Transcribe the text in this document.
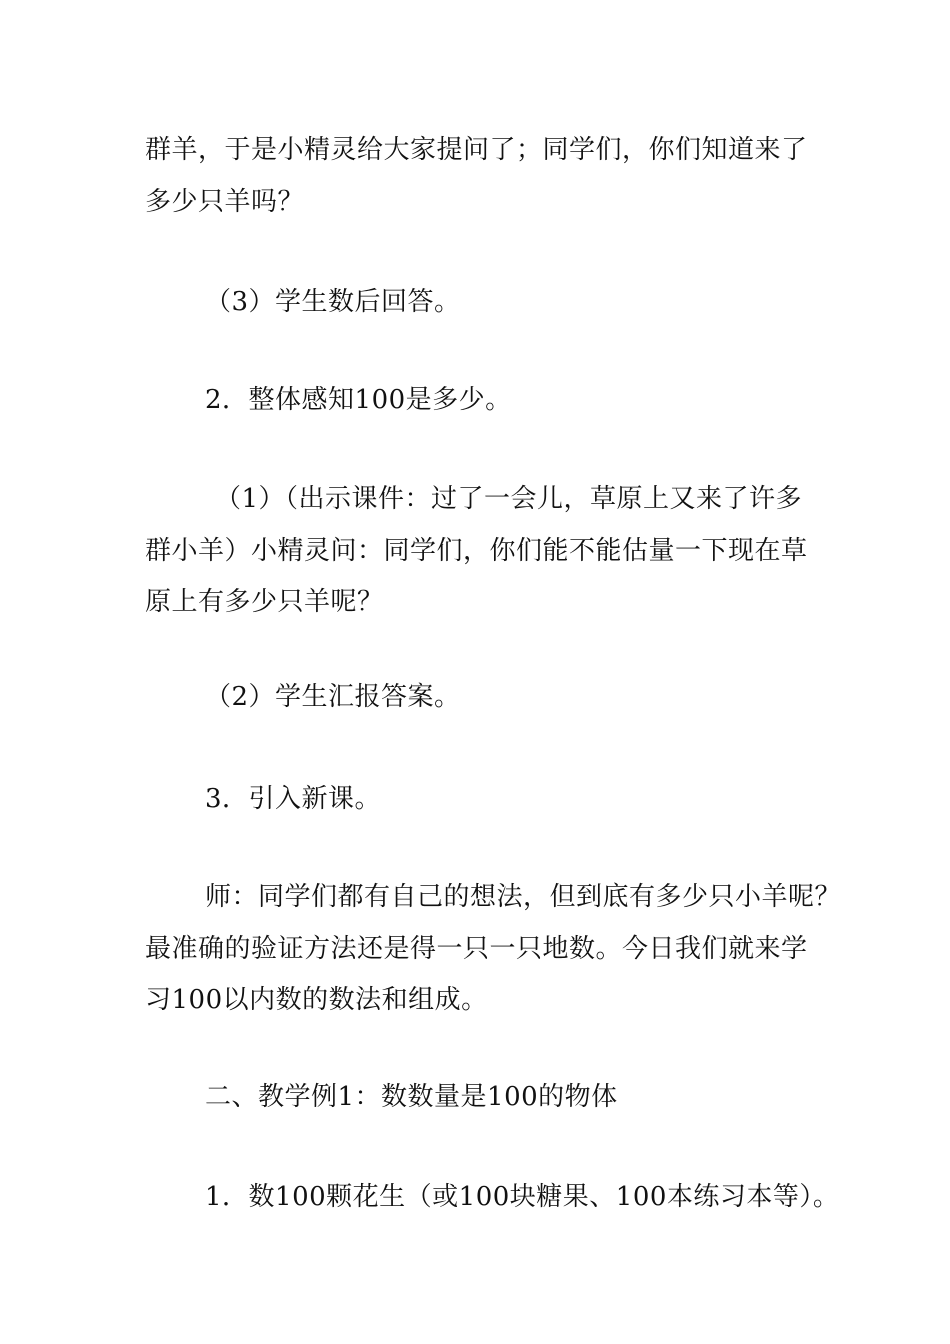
群羊，于是小精灵给大家提问了；同学们，你们知道来了
多少只羊吗？
（3）学生数后回答。
2．整体感知100是多少。
（1）（出示课件：过了一会儿，草原上又来了许多
群小羊）小精灵问：同学们，你们能不能估量一下现在草
原上有多少只羊呢？
（2）学生汇报答案。
3．引入新课。
师：同学们都有自己的想法，但到底有多少只小羊呢？
最准确的验证方法还是得一只一只地数。今日我们就来学
习100以内数的数法和组成。
二、教学例1：数数量是100的物体
1．数100颗花生（或100块糖果、100本练习本等）。
